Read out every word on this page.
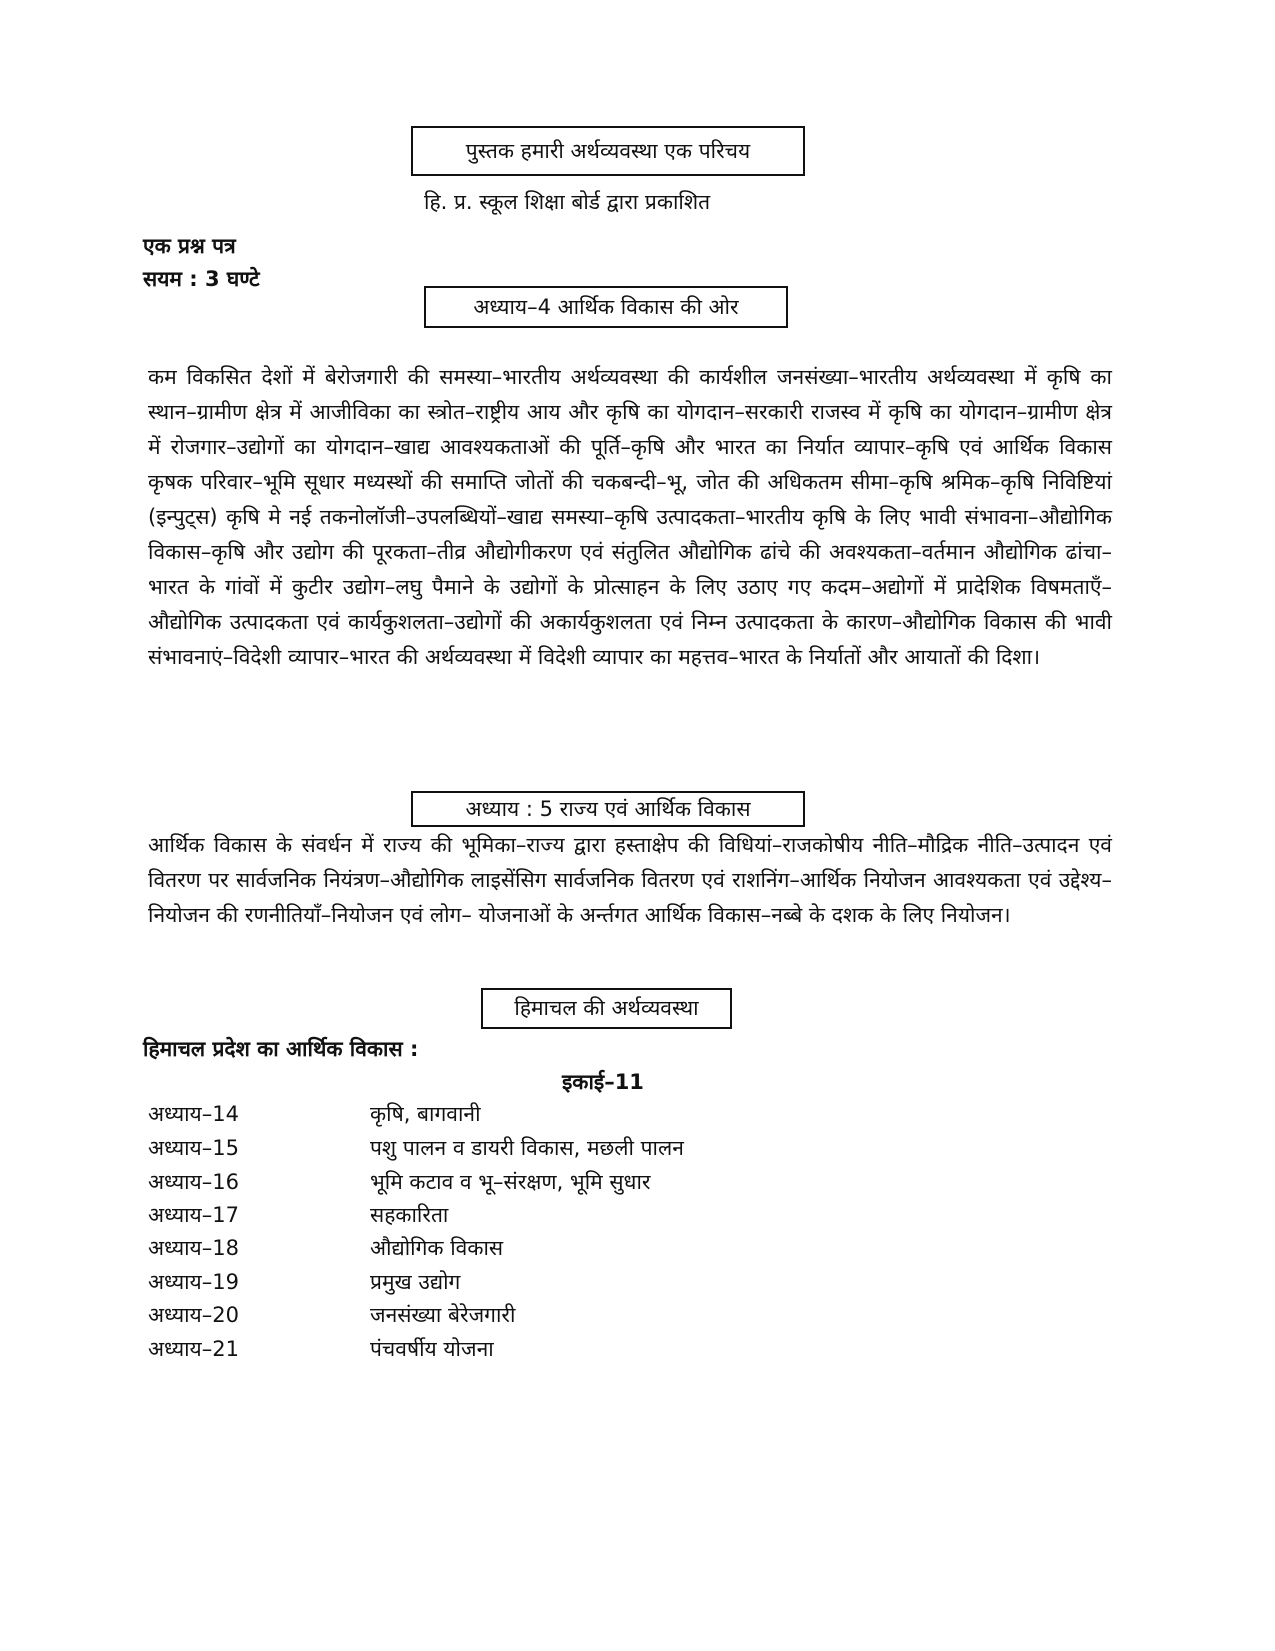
पुस्तक हमारी अर्थव्यवस्था एक परिचय
हि. प्र. स्कूल शिक्षा बोर्ड द्वारा प्रकाशित
एक प्रश्न पत्र
सयम : 3 घण्टे
अध्याय–4 आर्थिक विकास की ओर
कम विकसित देशों में बेरोजगारी की समस्या–भारतीय अर्थव्यवस्था की कार्यशील जनसंख्या–भारतीय अर्थव्यवस्था में कृषि का स्थान–ग्रामीण क्षेत्र में आजीविका का स्त्रोत–राष्ट्रीय आय और कृषि का योगदान–सरकारी राजस्व में कृषि का योगदान–ग्रामीण क्षेत्र में रोजगार–उद्योगों का योगदान–खाद्य आवश्यकताओं की पूर्ति–कृषि और भारत का निर्यात व्यापार–कृषि एवं आर्थिक विकास कृषक परिवार–भूमि सूधार मध्यस्थों की समाप्ति जोतों की चकबन्दी–भू, जोत की अधिकतम सीमा–कृषि श्रमिक–कृषि निविष्टियां (इन्पुट्स) कृषि मे नई तकनोलॉजी–उपलब्धियों–खाद्य समस्या–कृषि उत्पादकता–भारतीय कृषि के लिए भावी संभावना–औद्योगिक विकास–कृषि और उद्योग की पूरकता–तीव्र औद्योगीकरण एवं संतुलित औद्योगिक ढांचे की अवश्यकता–वर्तमान औद्योगिक ढांचा–भारत के गांवों में कुटीर उद्योग–लघु पैमाने के उद्योगों के प्रोत्साहन के लिए उठाए गए कदम–अद्योगों में प्रादेशिक विषमताएँ–औद्योगिक उत्पादकता एवं कार्यकुशलता–उद्योगों की अकार्यकुशलता एवं निम्न उत्पादकता के कारण–औद्योगिक विकास की भावी संभावनाएं–विदेशी व्यापार–भारत की अर्थव्यवस्था में विदेशी व्यापार का महत्तव–भारत के निर्यातों और आयातों की दिशा।
अध्याय : 5 राज्य एवं आर्थिक विकास
आर्थिक विकास के संवर्धन में राज्य की भूमिका–राज्य द्वारा हस्ताक्षेप की विधियां–राजकोषीय नीति–मौद्रिक नीति–उत्पादन एवं वितरण पर सार्वजनिक नियंत्रण–औद्योगिक लाइसेंसिग सार्वजनिक वितरण एवं राशनिंग–आर्थिक नियोजन आवश्यकता एवं उद्देश्य–नियोजन की रणनीतियाँ–नियोजन एवं लोग– योजनाओं के अर्न्तगत आर्थिक विकास–नब्बे के दशक के लिए नियोजन।
हिमाचल की अर्थव्यवस्था
हिमाचल प्रदेश का आर्थिक विकास :
इकाई–11
अध्याय–14	कृषि, बागवानी
अध्याय–15	पशु पालन व डायरी विकास, मछली पालन
अध्याय–16	भूमि कटाव व भू–संरक्षण, भूमि सुधार
अध्याय–17	सहकारिता
अध्याय–18	औद्योगिक विकास
अध्याय–19	प्रमुख उद्योग
अध्याय–20	जनसंख्या बेरेजगारी
अध्याय–21	पंचवर्षीय योजना
